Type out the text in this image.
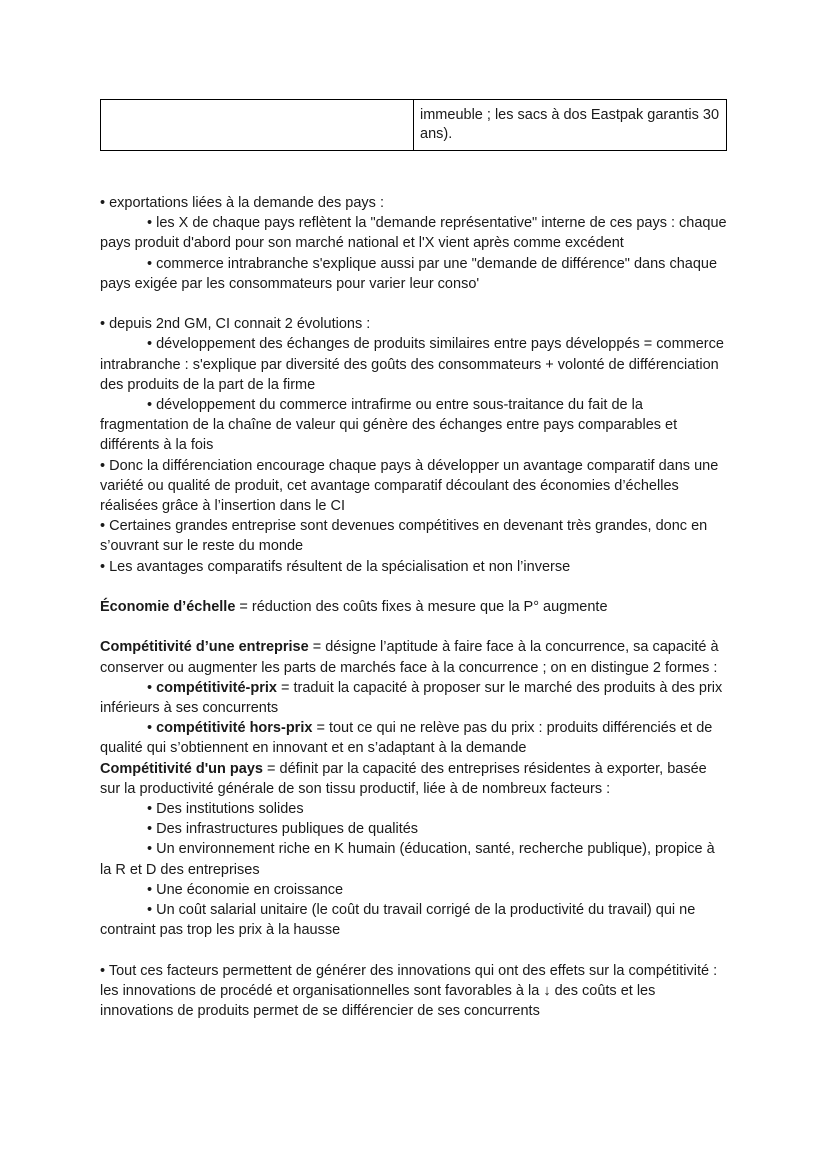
	immeuble ; les sacs à dos Eastpak garantis 30 ans).

• exportations liées à la demande des pays :

• les X de chaque pays reflètent la "demande représentative" interne de ces pays : chaque pays produit d'abord pour son marché national et l'X vient après comme excédent

• commerce intrabranche s'explique aussi par une "demande de différence" dans chaque pays exigée par les consommateurs pour varier leur conso'

• depuis 2nd GM, CI connait 2 évolutions :

• développement des échanges de produits similaires entre pays développés = commerce intrabranche : s'explique par diversité des goûts des consommateurs + volonté de différenciation des produits de la part de la firme

• développement du commerce intrafirme ou entre sous-traitance du fait de la fragmentation de la chaîne de valeur qui génère des échanges entre pays comparables et différents à la fois

• Donc la différenciation encourage chaque pays à développer un avantage comparatif dans une variété ou qualité de produit, cet avantage comparatif découlant des économies d’échelles réalisées grâce à l’insertion dans le CI

• Certaines grandes entreprise sont devenues compétitives en devenant très grandes, donc en s’ouvrant sur le reste du monde

• Les avantages comparatifs résultent de la spécialisation et non l’inverse

Économie d’échelle = réduction des coûts fixes à mesure que la P° augmente

Compétitivité d’une entreprise = désigne l’aptitude à faire face à la concurrence, sa capacité à conserver ou augmenter les parts de marchés face à la concurrence ; on en distingue 2 formes :

• compétitivité-prix = traduit la capacité à proposer sur le marché des produits à des prix inférieurs à ses concurrents

• compétitivité hors-prix = tout ce qui ne relève pas du prix : produits différenciés et de qualité qui s’obtiennent en innovant et en s’adaptant à la demande

Compétitivité d'un pays = définit par la capacité des entreprises résidentes à exporter, basée sur la productivité générale de son tissu productif, liée à de nombreux facteurs :

• Des institutions solides

• Des infrastructures publiques de qualités

• Un environnement riche en K humain (éducation, santé, recherche publique), propice à la R et D des entreprises

• Une économie en croissance

• Un coût salarial unitaire (le coût du travail corrigé de la productivité du travail) qui ne contraint pas trop les prix à la hausse

• Tout ces facteurs permettent de générer des innovations qui ont des effets sur la compétitivité : les innovations de procédé et organisationnelles sont favorables à la ↓ des coûts et les innovations de produits permet de se différencier de ses concurrents
